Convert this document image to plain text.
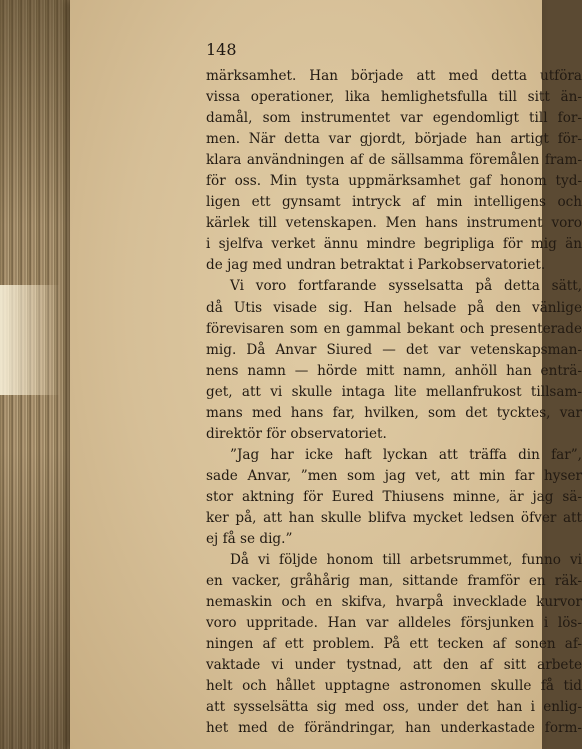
148
märksamhet. Han började att med detta utföra
vissa operationer, lika hemlighetsfulla till sitt än-
damål, som instrumentet var egendomligt till for-
men. När detta var gjordt, började han artigt för-
klara användningen af de sällsamma föremålen fram-
för oss. Min tysta uppmärksamhet gaf honom tyd-
ligen ett gynsamt intryck af min intelligens och
kärlek till vetenskapen. Men hans instrument voro
i sjelfva verket ännu mindre begripliga för mig än
de jag med undran betraktat i Parkobservatoriet.
Vi voro fortfarande sysselsatta på detta sätt,
då Utis visade sig. Han helsade på den vänlige
förevisaren som en gammal bekant och presenterade
mig. Då Anvar Siured — det var vetenskapsman-
nens namn — hörde mitt namn, anhöll han enträ-
get, att vi skulle intaga lite mellanfrukost tillsam-
mans med hans far, hvilken, som det tycktes, var
direktör för observatoriet.
”Jag har icke haft lyckan att träffa din far”,
sade Anvar, ”men som jag vet, att min far hyser
stor aktning för Eured Thiusens minne, är jag sä-
ker på, att han skulle blifva mycket ledsen öfver att
ej få se dig.”
Då vi följde honom till arbetsrummet, funno vi
en vacker, gråhårig man, sittande framför en räk-
nemaskin och en skifva, hvarpå invecklade kurvor
voro uppritade. Han var alldeles försjunken i lös-
ningen af ett problem. På ett tecken af sonen af-
vaktade vi under tystnad, att den af sitt arbete
helt och hållet upptagne astronomen skulle få tid
att sysselsätta sig med oss, under det han i enlig-
het med de förändringar, han underkastade form-
